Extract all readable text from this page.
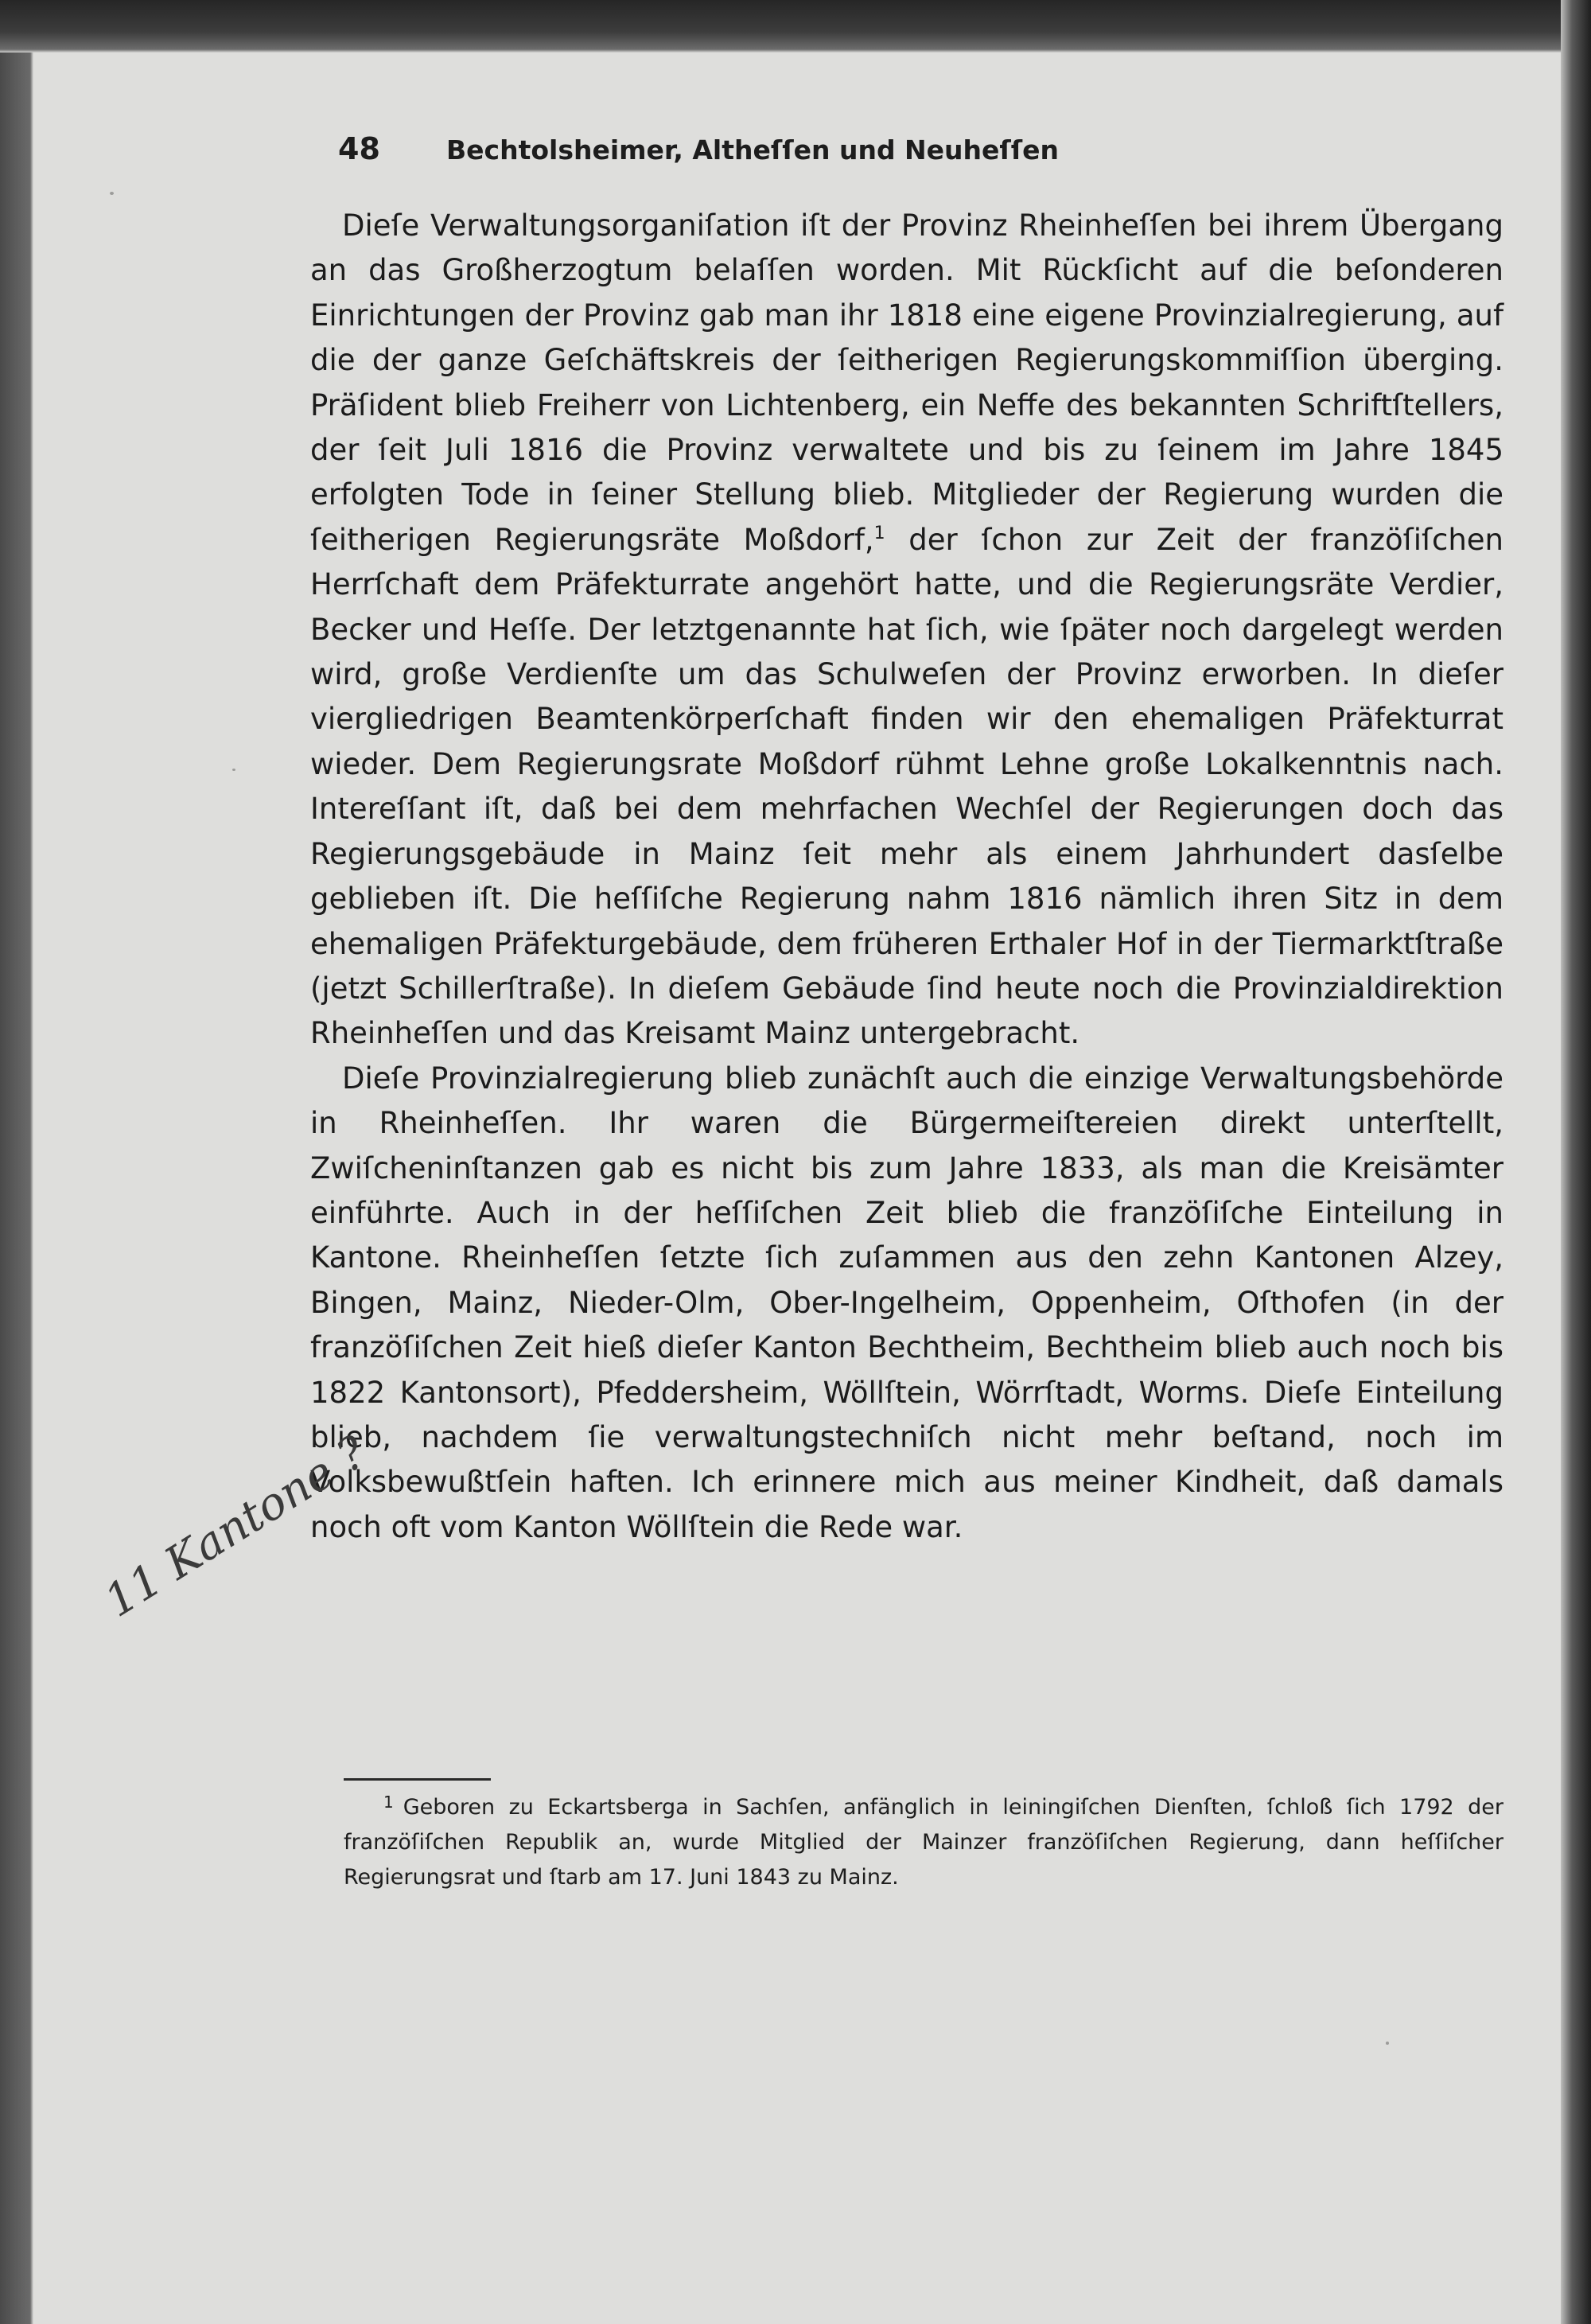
48	Bechtolsheimer, Altheſſen und Neuheſſen

Dieſe Verwaltungsorganiſation iſt der Provinz Rheinheſſen bei ihrem Übergang an das Großherzogtum belaſſen worden. Mit Rückſicht auf die beſonderen Einrichtungen der Provinz gab man ihr 1818 eine eigene Provinzialregierung, auf die der ganze Geſchäftskreis der ſeitherigen Regierungskommiſſion überging. Präſident blieb Freiherr von Lichtenberg, ein Neffe des bekannten Schriftſtellers, der ſeit Juli 1816 die Provinz verwaltete und bis zu ſeinem im Jahre 1845 erfolgten Tode in ſeiner Stellung blieb. Mitglieder der Regierung wurden die ſeitherigen Regierungsräte Moßdorf,$^1$ der ſchon zur Zeit der franzöſiſchen Herrſchaft dem Präfekturrate angehört hatte, und die Regierungsräte Verdier, Becker und Heſſe. Der letztgenannte hat ſich, wie ſpäter noch dargelegt werden wird, große Verdienſte um das Schulweſen der Provinz erworben. In dieſer viergliedrigen Beamtenkörperſchaft finden wir den ehemaligen Präfekturrat wieder. Dem Regierungsrate Moßdorf rühmt Lehne große Lokalkenntnis nach. Intereſſant iſt, daß bei dem mehrfachen Wechſel der Regierungen doch das Regierungsgebäude in Mainz ſeit mehr als einem Jahrhundert dasſelbe geblieben iſt. Die heſſiſche Regierung nahm 1816 nämlich ihren Sitz in dem ehemaligen Präfekturgebäude, dem früheren Erthaler Hof in der Tiermarktſtraße (jetzt Schillerſtraße). In dieſem Gebäude ſind heute noch die Provinzialdirektion Rheinheſſen und das Kreisamt Mainz untergebracht.

Dieſe Provinzialregierung blieb zunächſt auch die einzige Verwaltungsbehörde in Rheinheſſen. Ihr waren die Bürgermeiſtereien direkt unterſtellt, Zwiſcheninſtanzen gab es nicht bis zum Jahre 1833, als man die Kreisämter einführte. Auch in der heſſiſchen Zeit blieb die franzöſiſche Einteilung in Kantone. Rheinheſſen ſetzte ſich zuſammen aus den zehn Kantonen Alzey, Bingen, Mainz, Nieder-Olm, Ober-Ingelheim, Oppenheim, Oſthofen (in der franzöſiſchen Zeit hieß dieſer Kanton Bechtheim, Bechtheim blieb auch noch bis 1822 Kantonsort), Pfeddersheim, Wöllſtein, Wörrſtadt, Worms. Dieſe Einteilung blieb, nachdem ſie verwaltungstechniſch nicht mehr beſtand, noch im Volksbewußtſein haften. Ich erinnere mich aus meiner Kindheit, daß damals noch oft vom Kanton Wöllſtein die Rede war.

$^1$ Geboren zu Eckartsberga in Sachſen, anfänglich in leiningiſchen Dienſten, ſchloß ſich 1792 der franzöſiſchen Republik an, wurde Mitglied der Mainzer franzöſiſchen Regierung, dann heſſiſcher Regierungsrat und ſtarb am 17. Juni 1843 zu Mainz.

11 Kantone ?
